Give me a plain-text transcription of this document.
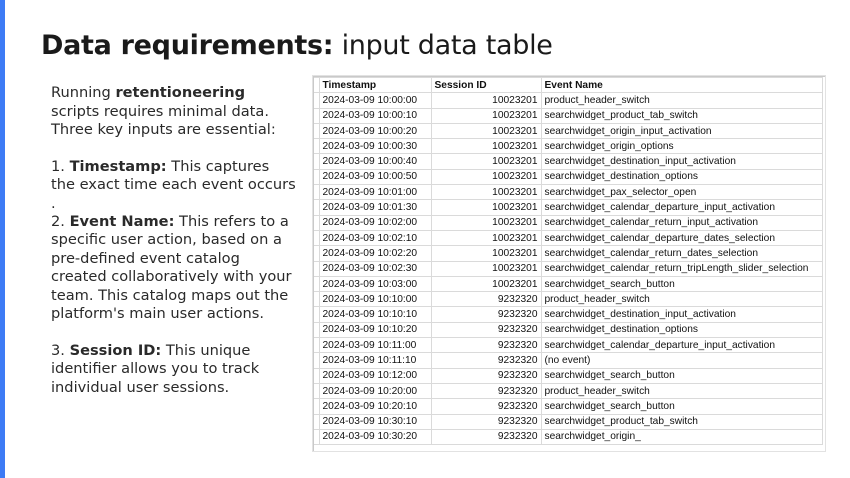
Data requirements: input data table

Running retentioneering scripts requires minimal data. Three key inputs are essential:

1. Timestamp: This captures the exact time each event occurs

.

2. Event Name: This refers to a specific user action, based on a pre-defined event catalog created collaboratively with your team. This catalog maps out the platform's main user actions.

3. Session ID: This unique identifier allows you to track individual user sessions.

	Timestamp	Session ID	Event Name
	2024-03-09 10:00:00	10023201	product_header_switch
	2024-03-09 10:00:10	10023201	searchwidget_product_tab_switch
	2024-03-09 10:00:20	10023201	searchwidget_origin_input_activation
	2024-03-09 10:00:30	10023201	searchwidget_origin_options
	2024-03-09 10:00:40	10023201	searchwidget_destination_input_activation
	2024-03-09 10:00:50	10023201	searchwidget_destination_options
	2024-03-09 10:01:00	10023201	searchwidget_pax_selector_open
	2024-03-09 10:01:30	10023201	searchwidget_calendar_departure_input_activation
	2024-03-09 10:02:00	10023201	searchwidget_calendar_return_input_activation
	2024-03-09 10:02:10	10023201	searchwidget_calendar_departure_dates_selection
	2024-03-09 10:02:20	10023201	searchwidget_calendar_return_dates_selection
	2024-03-09 10:02:30	10023201	searchwidget_calendar_return_tripLength_slider_selection
	2024-03-09 10:03:00	10023201	searchwidget_search_button
	2024-03-09 10:10:00	9232320	product_header_switch
	2024-03-09 10:10:10	9232320	searchwidget_destination_input_activation
	2024-03-09 10:10:20	9232320	searchwidget_destination_options
	2024-03-09 10:11:00	9232320	searchwidget_calendar_departure_input_activation
	2024-03-09 10:11:10	9232320	(no event)
	2024-03-09 10:12:00	9232320	searchwidget_search_button
	2024-03-09 10:20:00	9232320	product_header_switch
	2024-03-09 10:20:10	9232320	searchwidget_search_button
	2024-03-09 10:30:10	9232320	searchwidget_product_tab_switch
	2024-03-09 10:30:20	9232320	searchwidget_origin_
